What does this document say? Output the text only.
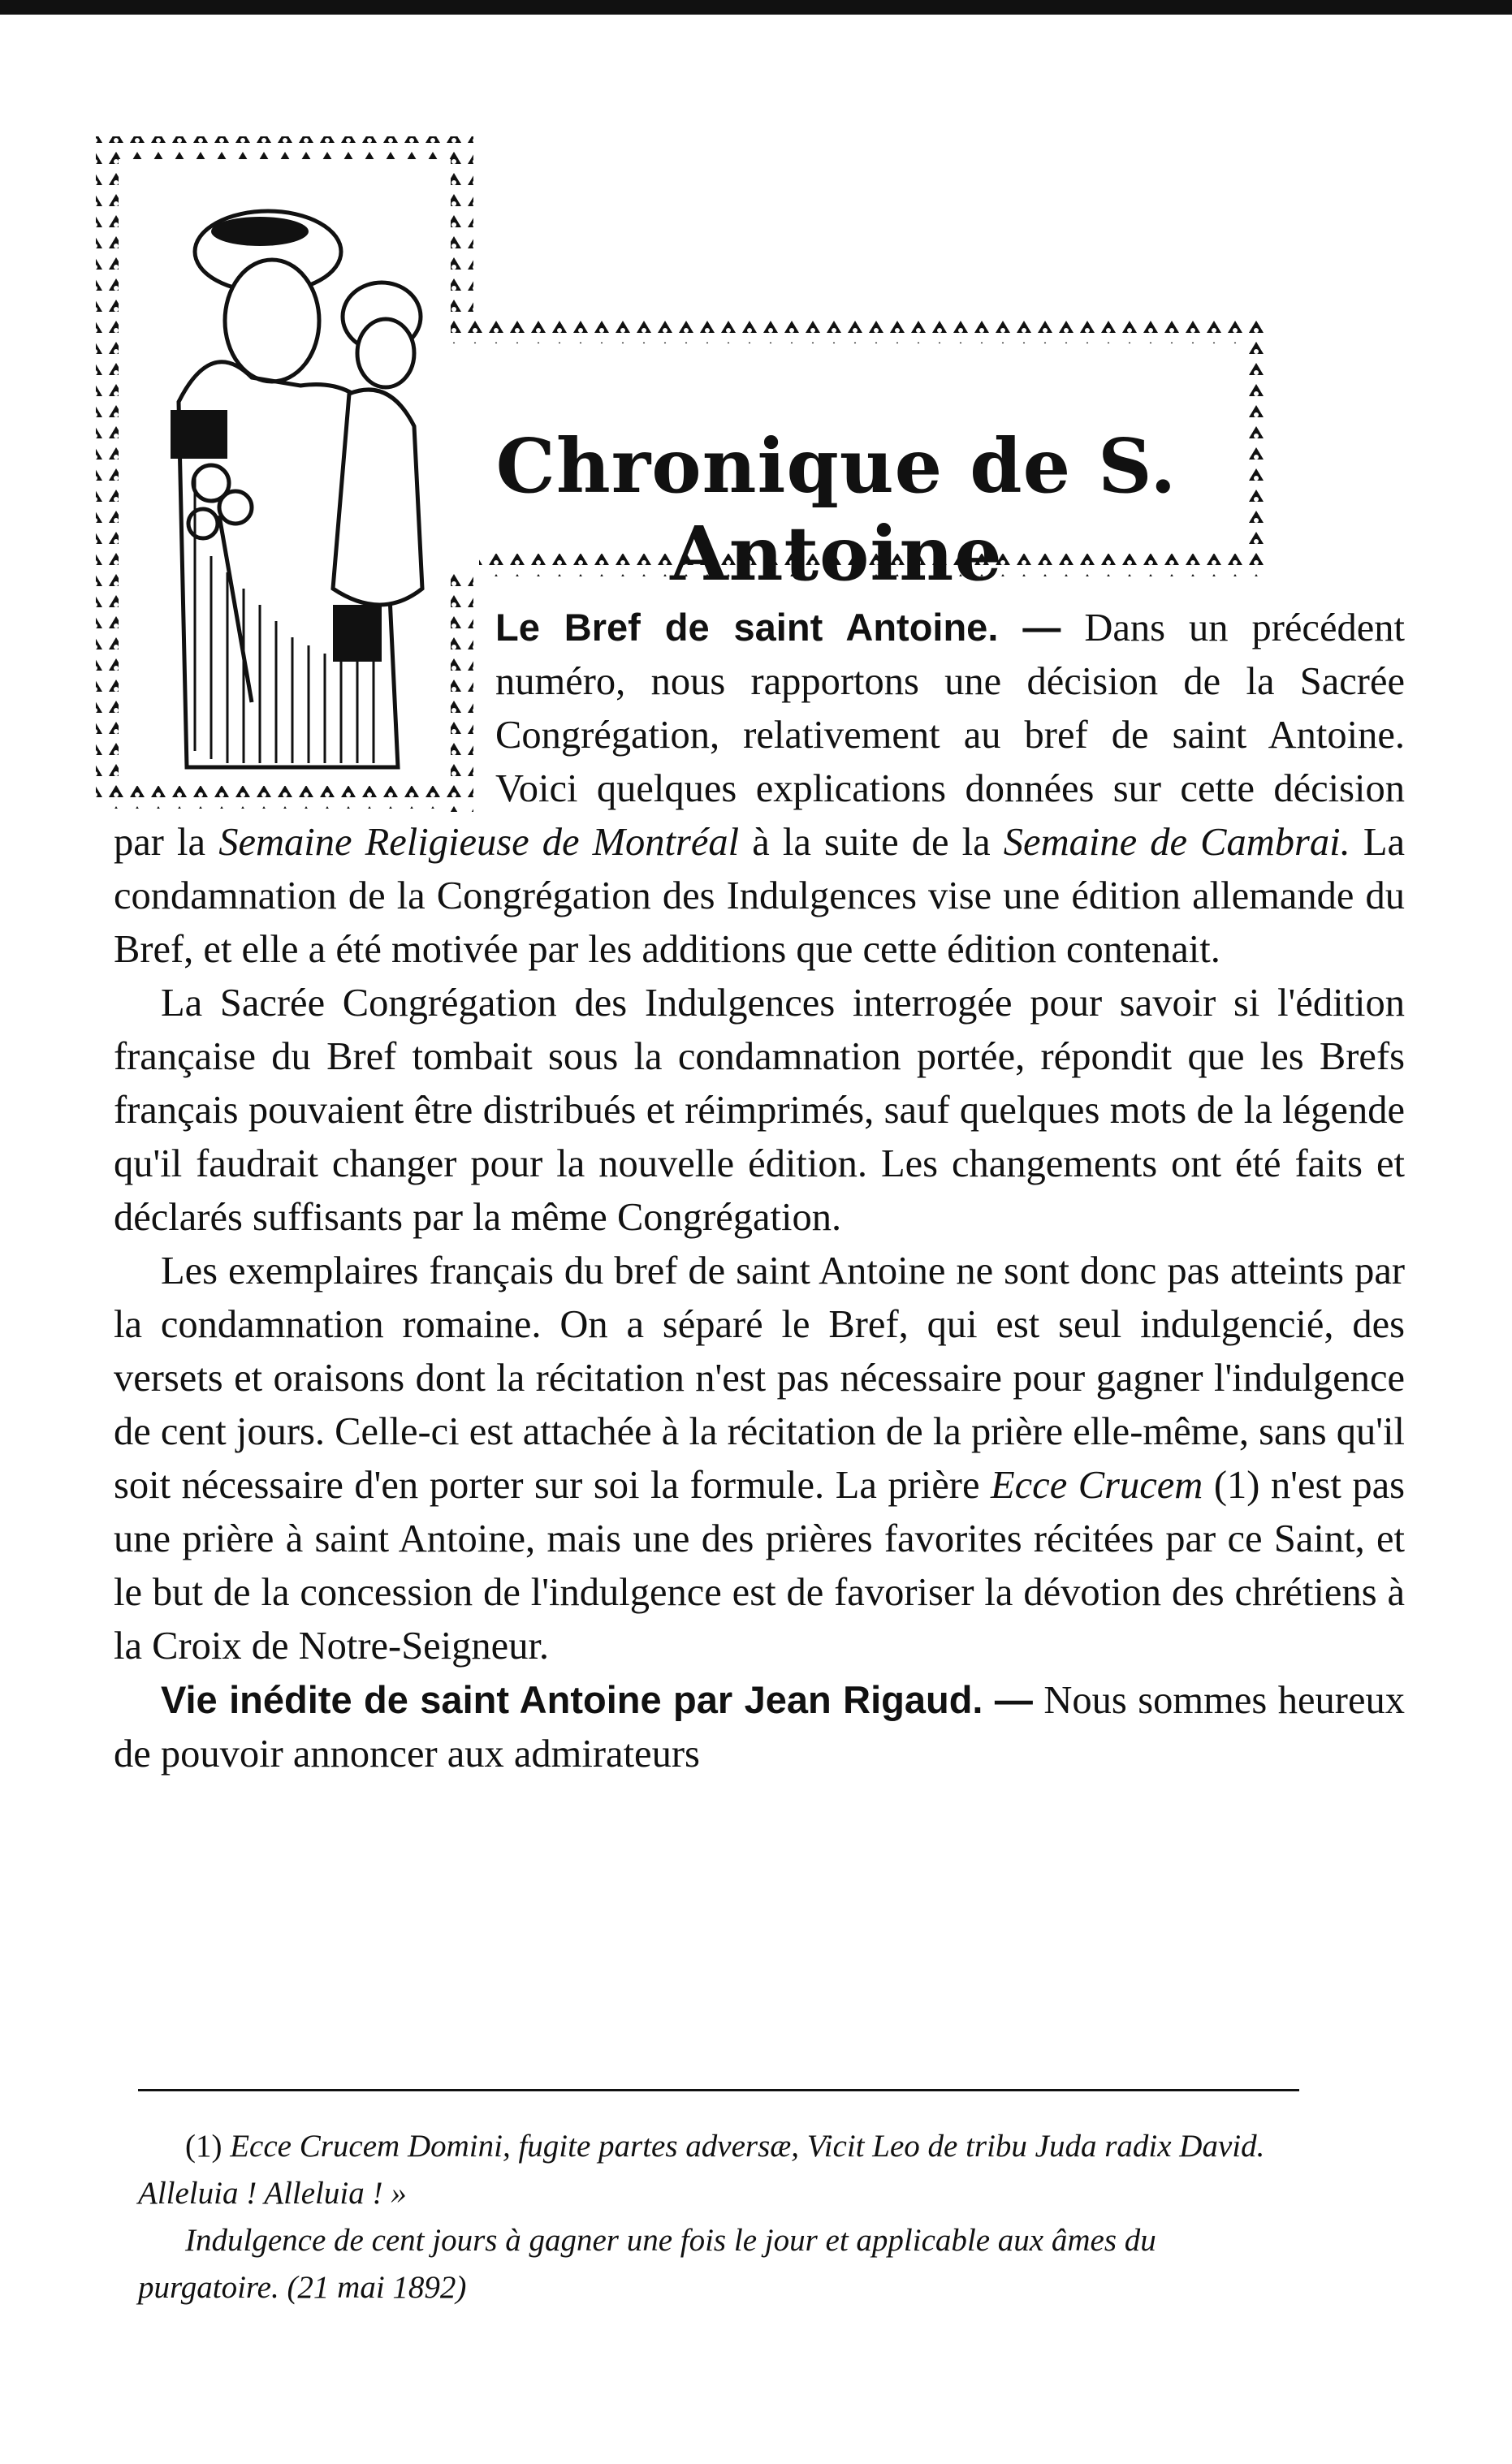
Chronique de S. Antoine

Le Bref de saint Antoine. — Dans un précédent numéro, nous rapportons une décision de la Sacrée Congrégation, relativement au bref de saint Antoine. Voici quelques explications données sur cette décision par la Semaine Religieuse de Montréal à la suite de la Semaine de Cambrai. La condamnation de la Congrégation des Indulgences vise une édition allemande du Bref, et elle a été motivée par les additions que cette édition contenait.

La Sacrée Congrégation des Indulgences interrogée pour savoir si l'édition française du Bref tombait sous la condamnation portée, répondit que les Brefs français pouvaient être distribués et réimprimés, sauf quelques mots de la légende qu'il faudrait changer pour la nouvelle édition. Les changements ont été faits et déclarés suffisants par la même Congrégation.

Les exemplaires français du bref de saint Antoine ne sont donc pas atteints par la condamnation romaine. On a séparé le Bref, qui est seul indulgencié, des versets et oraisons dont la récitation n'est pas nécessaire pour gagner l'indulgence de cent jours. Celle-ci est attachée à la récitation de la prière elle-même, sans qu'il soit nécessaire d'en porter sur soi la formule. La prière Ecce Crucem (1) n'est pas une prière à saint Antoine, mais une des prières favorites récitées par ce Saint, et le but de la concession de l'indulgence est de favoriser la dévotion des chrétiens à la Croix de Notre-Seigneur.

Vie inédite de saint Antoine par Jean Rigaud. — Nous sommes heureux de pouvoir annoncer aux admirateurs

(1) Ecce Crucem Domini, fugite partes adversæ, Vicit Leo de tribu Juda radix David. Alleluia ! Alleluia ! »

Indulgence de cent jours à gagner une fois le jour et applicable aux âmes du purgatoire. (21 mai 1892)
